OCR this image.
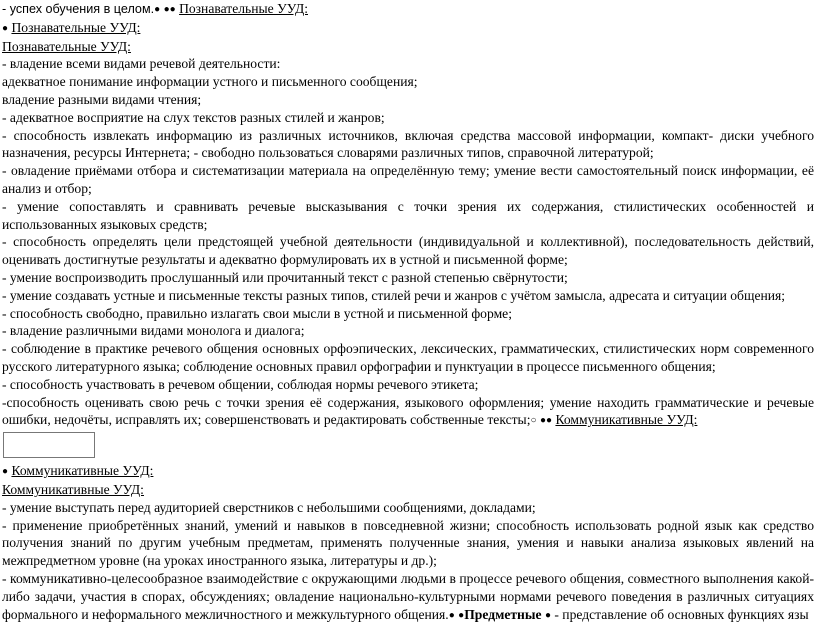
- успех обучения в целом.● ●● Познавательные УУД:
● Познавательные УУД:
Познавательные УУД:
- владение всеми видами речевой деятельности:
адекватное понимание информации устного и письменного сообщения;
владение разными видами чтения;
- адекватное восприятие на слух текстов разных стилей и жанров;
- способность извлекать информацию из различных источников, включая средства массовой информации, компакт- диски учебного назначения, ресурсы Интернета; - свободно пользоваться словарями различных типов, справочной литературой;
- овладение приёмами отбора и систематизации материала на определённую тему; умение вести самостоятельный поиск информации, её анализ и отбор;
- умение сопоставлять и сравнивать речевые высказывания с точки зрения их содержания, стилистических особенностей и использованных языковых средств;
- способность определять цели предстоящей учебной деятельности (индивидуальной и коллективной), последовательность действий, оценивать достигнутые результаты и адекватно формулировать их в устной и письменной форме;
- умение воспроизводить прослушанный или прочитанный текст с разной степенью свёрнутости;
- умение создавать устные и письменные тексты разных типов, стилей речи и жанров с учётом замысла, адресата и ситуации общения;
- способность свободно, правильно излагать свои мысли в устной и письменной форме;
- владение различными видами монолога и диалога;
- соблюдение в практике речевого общения основных орфоэпических, лексических, грамматических, стилистических норм современного русского литературного языка; соблюдение основных правил орфографии и пунктуации в процессе письменного общения;
- способность участвовать в речевом общении, соблюдая нормы речевого этикета;
-способность оценивать свою речь с точки зрения её содержания, языкового оформления; умение находить грамматические и речевые ошибки, недочёты, исправлять их; совершенствовать и редактировать собственные тексты;○ ●● Коммуникативные УУД:
● Коммуникативные УУД:
Коммуникативные УУД:
- умение выступать перед аудиторией сверстников с небольшими сообщениями, докладами;
- применение приобретённых знаний, умений и навыков в повседневной жизни; способность использовать родной язык как средство получения знаний по другим учебным предметам, применять полученные знания, умения и навыки анализа языковых явлений на межпредметном уровне (на уроках иностранного языка, литературы и др.);
- коммуникативно-целесообразное взаимодействие с окружающими людьми в процессе речевого общения, совместного выполнения какой-либо задачи, участия в спорах, обсуждениях; овладение национально-культурными нормами речевого поведения в различных ситуациях формального и неформального межличностного и межкультурного общения.● ●Предметные ● - представление об основных функциях язы
